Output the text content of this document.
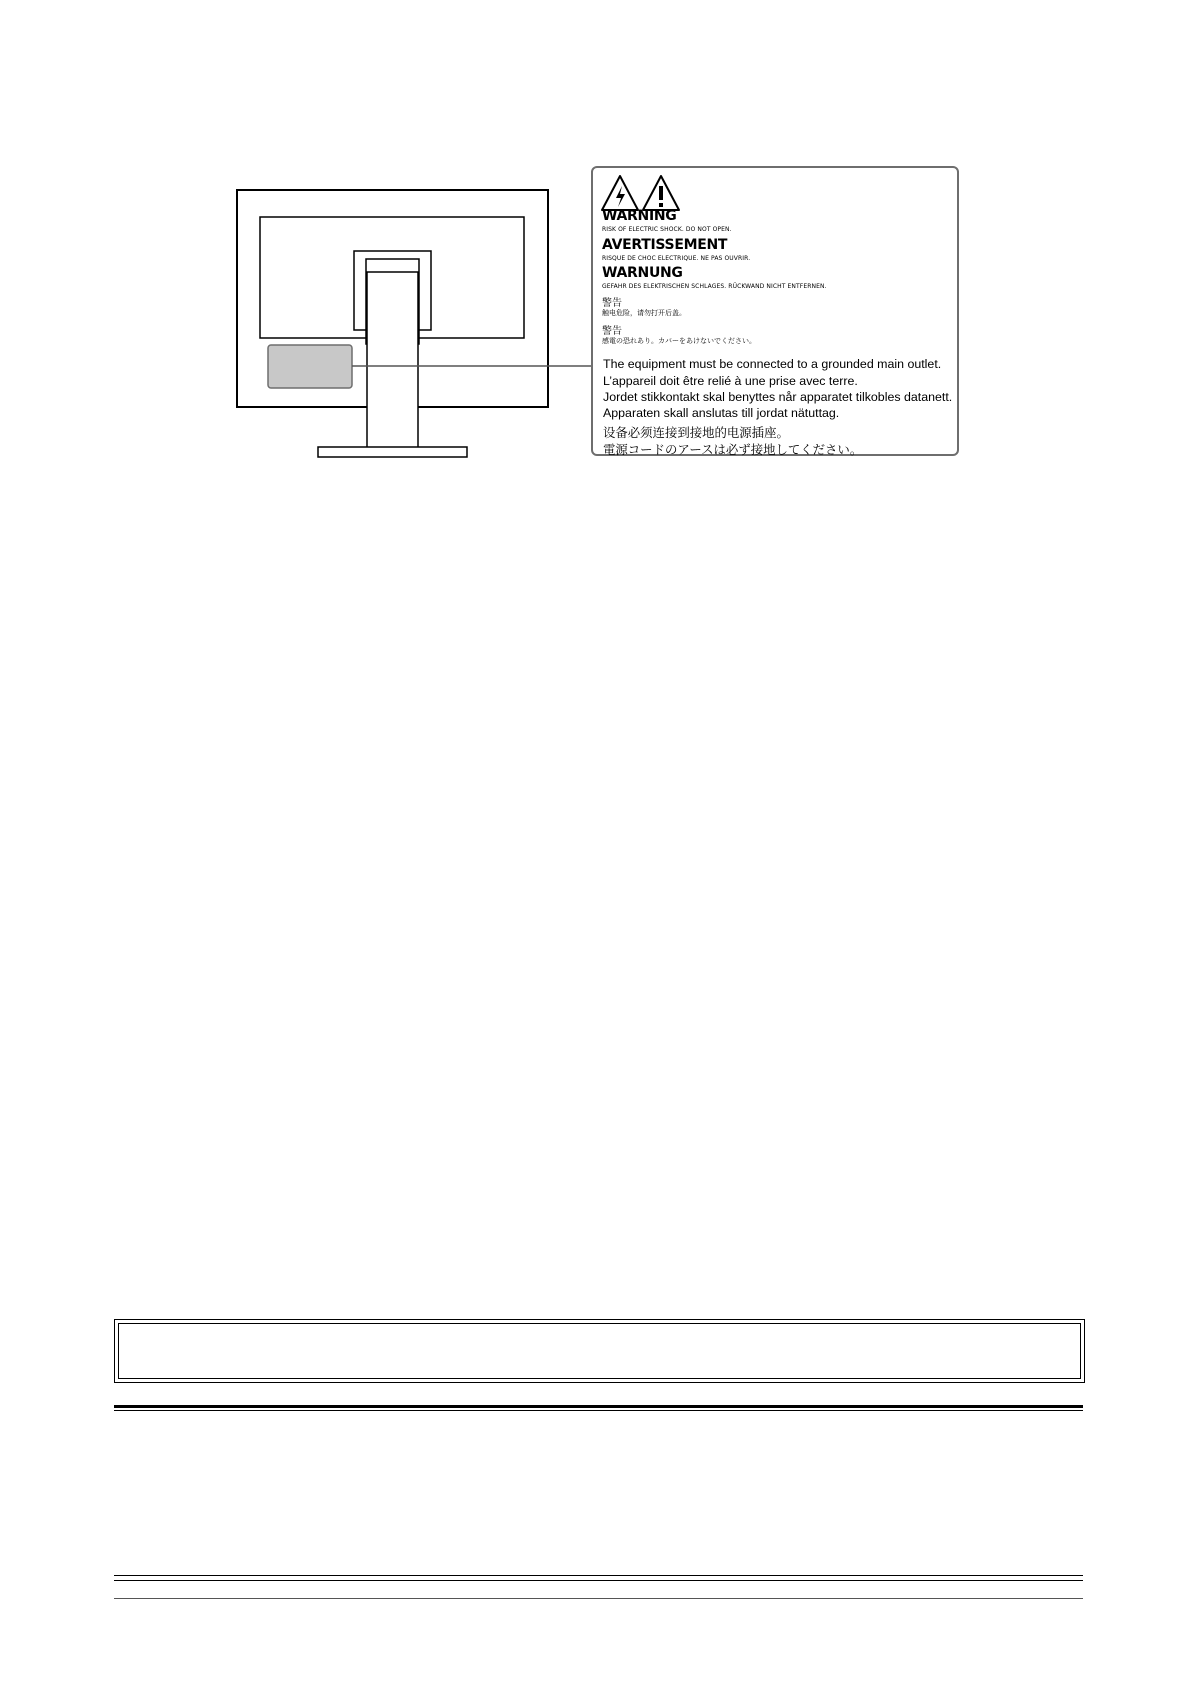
WARNING
RISK OF ELECTRIC SHOCK. DO NOT OPEN.
AVERTISSEMENT
RISQUE DE CHOC ELECTRIQUE. NE PAS OUVRIR.
WARNUNG
GEFAHR DES ELEKTRISCHEN SCHLAGES. RÜCKWAND NICHT ENTFERNEN.
警告
触电危险，请勿打开后盖。
警告
感電の恐れあり。カバーをあけないでください。
The equipment must be connected to a grounded main outlet.
L’appareil doit être relié à une prise avec terre.
Jordet stikkontakt skal benyttes når apparatet tilkobles datanett.
Apparaten skall anslutas till jordat nätuttag.
设备必须连接到接地的电源插座。
電源コードのアースは必ず接地してください。
